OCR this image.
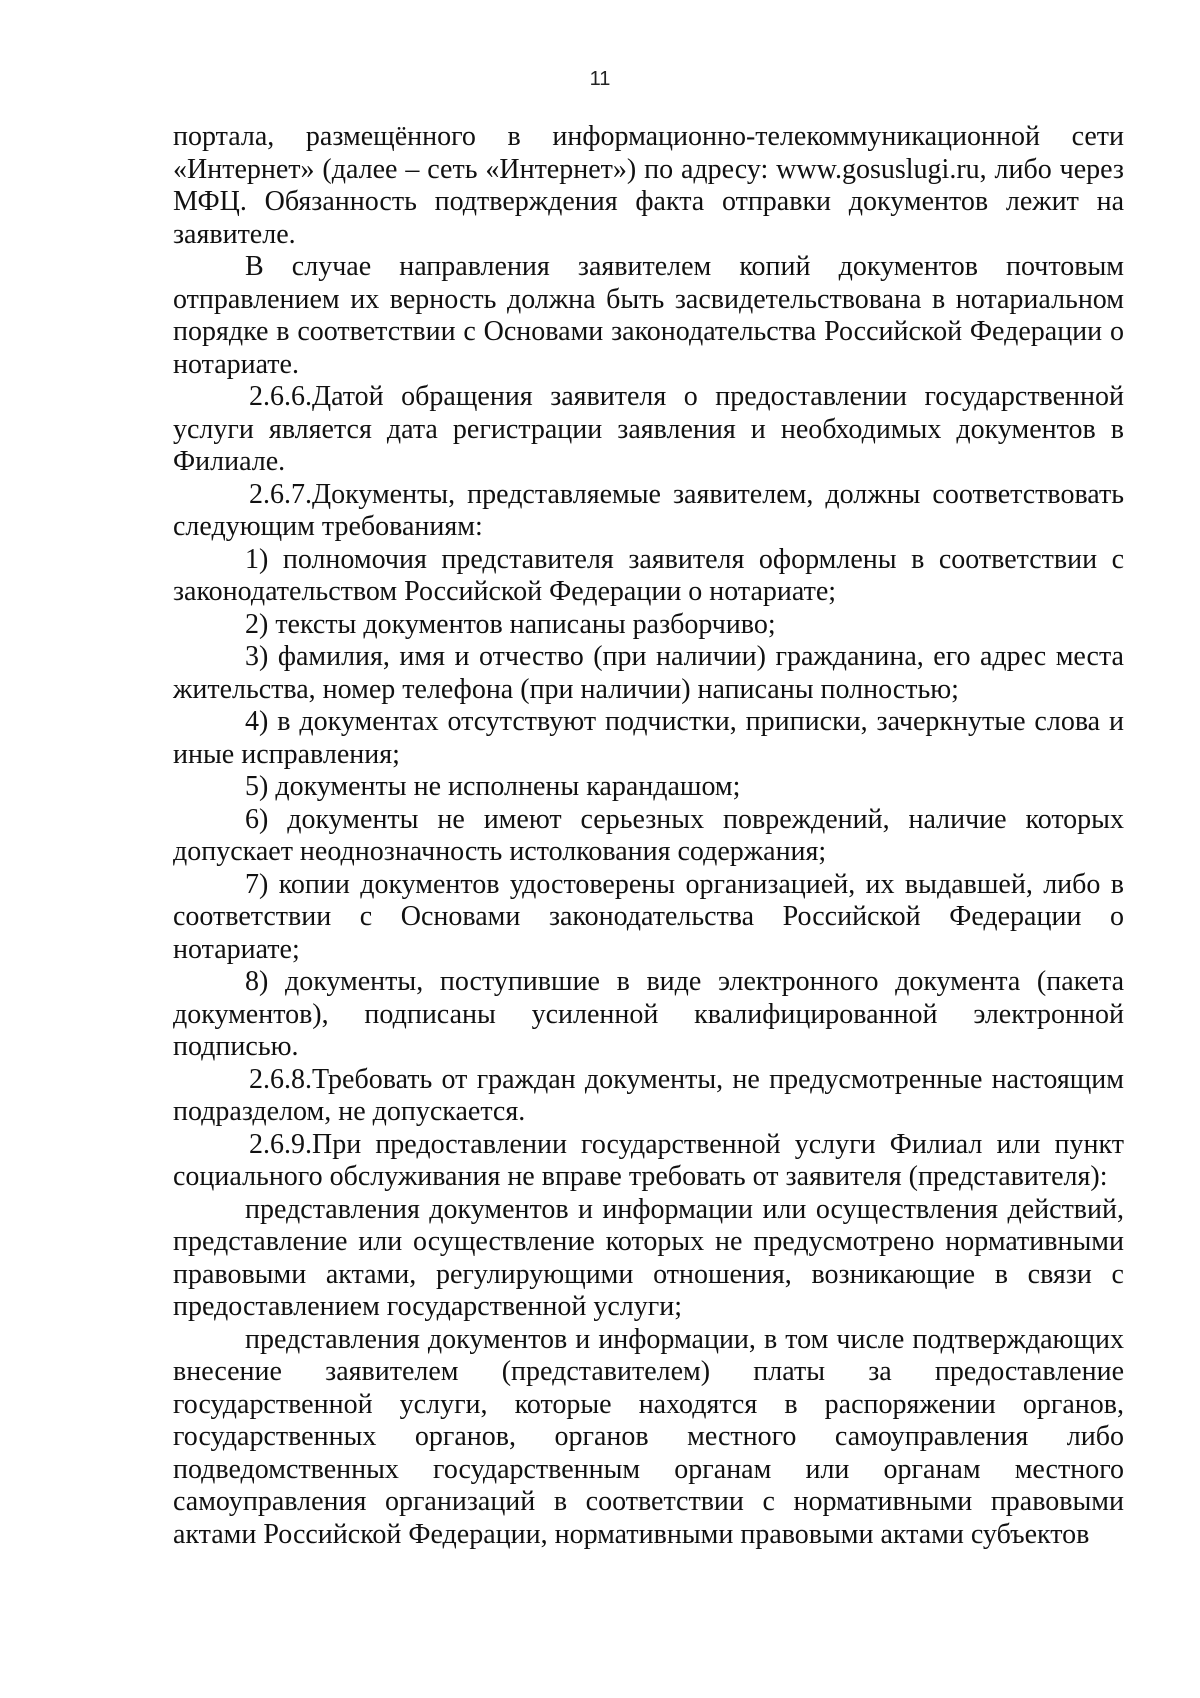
11

портала, размещённого в информационно-телекоммуникационной сети «Интернет» (далее – сеть «Интернет») по адресу: www.gosuslugi.ru, либо через МФЦ. Обязанность подтверждения факта отправки документов лежит на заявителе.

В случае направления заявителем копий документов почтовым отправлением их верность должна быть засвидетельствована в нотариальном порядке в соответствии с Основами законодательства Российской Федерации о нотариате.

2.6.6.Датой обращения заявителя о предоставлении государственной услуги является дата регистрации заявления и необходимых документов в Филиале.

2.6.7.Документы, представляемые заявителем, должны соответствовать следующим требованиям:

1) полномочия представителя заявителя оформлены в соответствии с законодательством Российской Федерации о нотариате;

2) тексты документов написаны разборчиво;

3) фамилия, имя и отчество (при наличии) гражданина, его адрес места жительства, номер телефона (при наличии) написаны полностью;

4) в документах отсутствуют подчистки, приписки, зачеркнутые слова и иные исправления;

5) документы не исполнены карандашом;

6) документы не имеют серьезных повреждений, наличие которых допускает неоднозначность истолкования содержания;

7) копии документов удостоверены организацией, их выдавшей, либо в соответствии с Основами законодательства Российской Федерации о нотариате;

8) документы, поступившие в виде электронного документа (пакета документов), подписаны усиленной квалифицированной электронной подписью.

2.6.8.Требовать от граждан документы, не предусмотренные настоящим подразделом, не допускается.

2.6.9.При предоставлении государственной услуги Филиал или пункт социального обслуживания не вправе требовать от заявителя (представителя):

представления документов и информации или осуществления действий, представление или осуществление которых не предусмотрено нормативными правовыми актами, регулирующими отношения, возникающие в связи с предоставлением государственной услуги;

представления документов и информации, в том числе подтверждающих внесение заявителем (представителем) платы за предоставление государственной услуги, которые находятся в распоряжении органов, государственных органов, органов местного самоуправления либо подведомственных государственным органам или органам местного самоуправления организаций в соответствии с нормативными правовыми актами Российской Федерации, нормативными правовыми актами субъектов
